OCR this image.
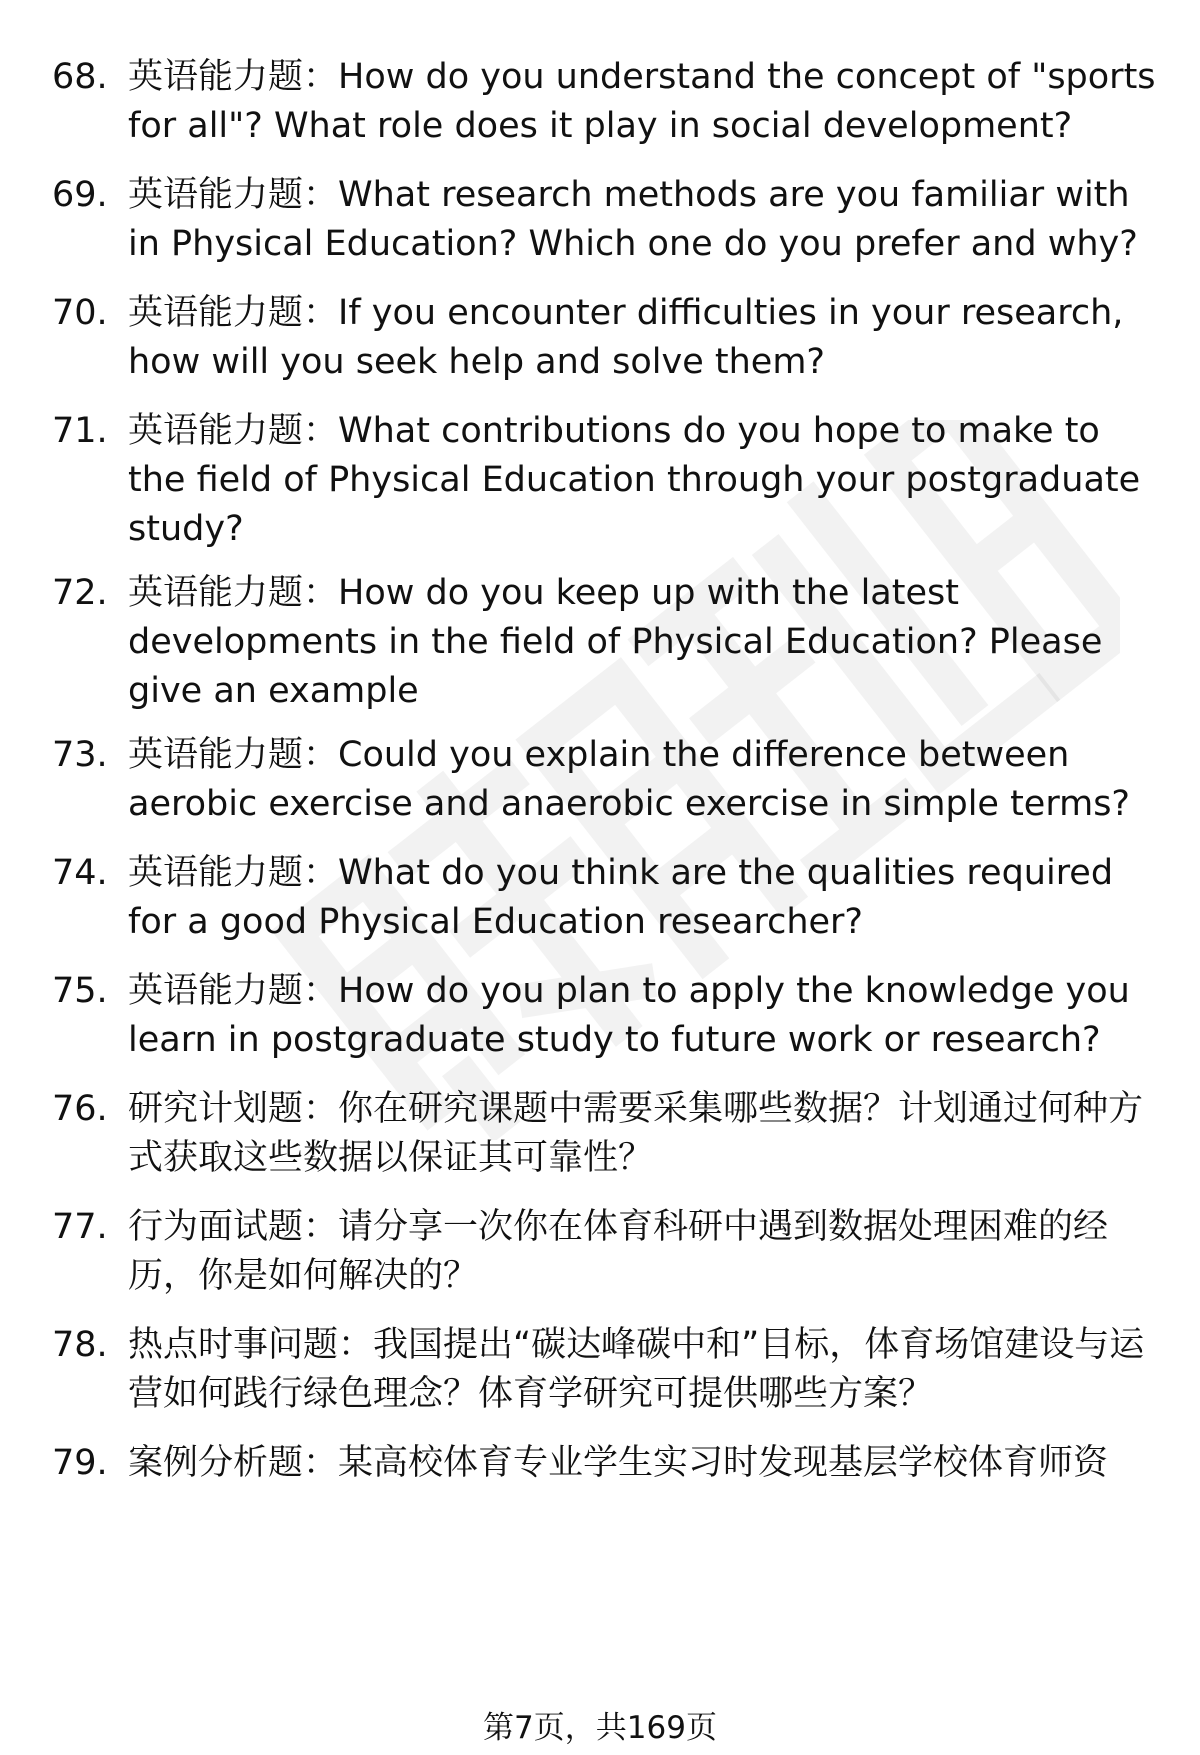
68. 英语能力题：How do you understand the concept of "sports for all"? What role does it play in social development?
69. 英语能力题：What research methods are you familiar with in Physical Education? Which one do you prefer and why?
70. 英语能力题：If you encounter difficulties in your research, how will you seek help and solve them?
71. 英语能力题：What contributions do you hope to make to the field of Physical Education through your postgraduate study?
72. 英语能力题：How do you keep up with the latest developments in the field of Physical Education? Please give an example
73. 英语能力题：Could you explain the difference between aerobic exercise and anaerobic exercise in simple terms?
74. 英语能力题：What do you think are the qualities required for a good Physical Education researcher?
75. 英语能力题：How do you plan to apply the knowledge you learn in postgraduate study to future work or research?
76. 研究计划题：你在研究课题中需要采集哪些数据？计划通过何种方式获取这些数据以保证其可靠性？
77. 行为面试题：请分享一次你在体育科研中遇到数据处理困难的经历，你是如何解决的？
78. 热点时事问题：我国提出“碳达峰碳中和”目标，体育场馆建设与运营如何践行绿色理念？体育学研究可提供哪些方案？
79. 案例分析题：某高校体育专业学生实习时发现基层学校体育师资
第7页，共169页
